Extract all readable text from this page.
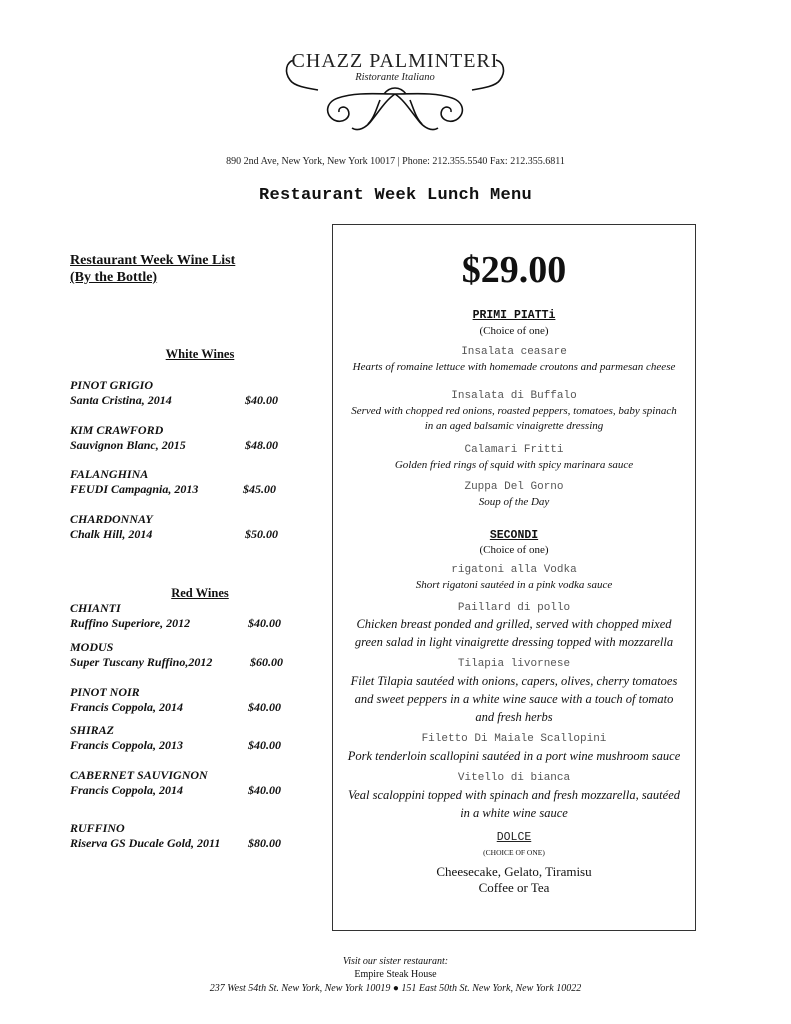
CHAZZ PALMINTERI
Ristorante Italiano
890 2nd Ave, New York, New York 10017 | Phone: 212.355.5540 Fax: 212.355.6811
Restaurant Week Lunch Menu
Restaurant Week Wine List
(By the Bottle)
White Wines
PINOT GRIGIO
Santa Cristina, 2014	$40.00
KIM CRAWFORD
Sauvignon Blanc, 2015	$48.00
FALANGHINA
FEUDI Campagnia, 2013	$45.00
CHARDONNAY
Chalk Hill, 2014	$50.00
Red Wines
CHIANTI
Ruffino Superiore, 2012	$40.00
MODUS
Super Tuscany Ruffino,2012	$60.00
PINOT NOIR
Francis Coppola, 2014	$40.00
SHIRAZ
Francis Coppola, 2013	$40.00
CABERNET SAUVIGNON
Francis Coppola, 2014	$40.00
RUFFINO
Riserva GS Ducale Gold, 2011 $80.00
$29.00
PRIMI PIATTi
(Choice of one)
Insalata ceasare
Hearts of romaine lettuce with homemade croutons and parmesan cheese
Insalata di Buffalo
Served with chopped red onions, roasted peppers, tomatoes, baby spinach
in an aged balsamic vinaigrette dressing
Calamari Fritti
Golden fried rings of squid with spicy marinara sauce
Zuppa Del Gorno
Soup of the Day
SECONDI
(Choice of one)
rigatoni alla Vodka
Short rigatoni sautéed in a pink vodka sauce
Paillard di pollo
Chicken breast ponded and grilled, served with chopped mixed
green salad in light vinaigrette dressing topped with mozzarella
Tilapia livornese
Filet Tilapia sautéed with onions, capers, olives, cherry tomatoes
and sweet peppers in a white wine sauce with a touch of tomato
and fresh herbs
Filetto Di Maiale Scallopini
Pork tenderloin scallopini sautéed in a port wine mushroom sauce
Vitello di bianca
Veal scaloppini topped with spinach and fresh mozzarella, sautéed
in a white wine sauce
DOLCE
(CHOICE OF ONE)
Cheesecake, Gelato, Tiramisu
Coffee or Tea
Visit our sister restaurant:
Empire Steak House
237 West 54th St. New York, New York 10019 ● 151 East 50th St. New York, New York 10022
